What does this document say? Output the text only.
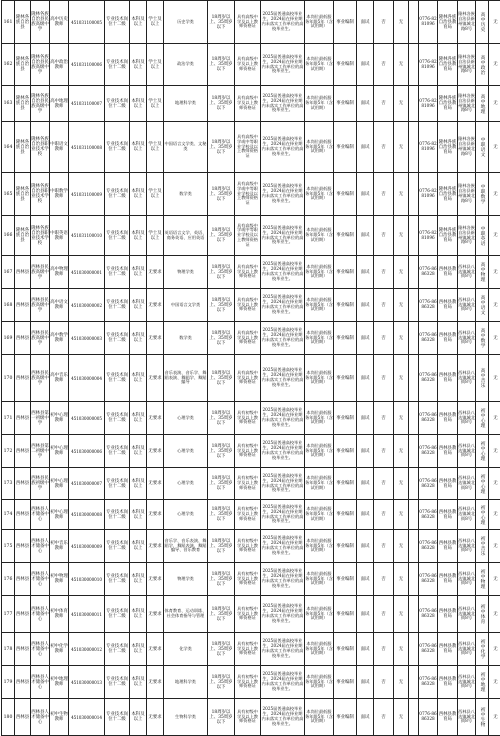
161	隆林各族自治县	隆林各族自治县民族高级中学	高中历史教师	451031100005	专业技术岗位十二级	本科及以上	学士及以上	历史学类	18周岁以上、35周岁以下	具有高级中学及以上教师资格证	2025届普通高校毕业生，2024届在择业期内未落实工作单位的高校毕业生。	本岗位最低服务年限5年（含试用期）	事业编制	面试	否	无		0776-8281096	隆林各族自治县教育局	隆林各族自治县新州镇城北路8号	高中历史	无
162	隆林各族自治县	隆林各族自治县民族高级中学	高中政治教师	451031100006	专业技术岗位十二级	本科及以上	学士及以上	政治学类	18周岁以上、35周岁以下	具有高级中学及以上教师资格证	2025届普通高校毕业生，2024届在择业期内未落实工作单位的高校毕业生。	本岗位最低服务年限5年（含试用期）	事业编制	面试	否	无		0776-8281096	隆林各族自治县教育局	隆林各族自治县新州镇城北路8号	高中政治	无
163	隆林各族自治县	隆林各族自治县民族高级中学	高中地理教师	451031100007	专业技术岗位十二级	本科及以上	学士及以上	地理科学类	18周岁以上、35周岁以下	具有高级中学及以上教师资格证	2025届普通高校毕业生，2024届在择业期内未落实工作单位的高校毕业生。	本岗位最低服务年限5年（含试用期）	事业编制	面试	否	无		0776-8281096	隆林各族自治县教育局	隆林各族自治县新州镇城北路8号	高中地理	无
164	隆林各族自治县	隆林各族自治县职业技术学校	中职语文教师	451031100008	专业技术岗位十二级	本科及以上	学士及以上	中国语言文学类、文秘类	18周岁以上、35周岁以下	具有高级中学或中等职业学校及以上教师资格证	2025届普通高校毕业生，2024届在择业期内未落实工作单位的高校毕业生。	本岗位最低服务年限5年（含试用期）	事业编制	面试	否	无		0776-8281096	隆林各族自治县教育局	隆林各族自治县新州镇城北路8号	中职语文	无
165	隆林各族自治县	隆林各族自治县职业技术学校	中职数学教师	451031100009	专业技术岗位十二级	本科及以上	学士及以上	数学类	18周岁以上、35周岁以下	具有高级中学或中等职业学校及以上教师资格证	2025届普通高校毕业生，2024届在择业期内未落实工作单位的高校毕业生。	本岗位最低服务年限5年（含试用期）	事业编制	面试	否	无		0776-8281096	隆林各族自治县教育局	隆林各族自治县新州镇城北路8号	中职数学	无
166	隆林各族自治县	隆林各族自治县职业技术学校	中职英语教师	451031100010	专业技术岗位十二级	本科及以上	学士及以上	英语语言文学、英语、商务英语、应用英语	18周岁以上、35周岁以下	具有高级中学或中等职业学校及以上教师资格证	2025届普通高校毕业生，2024届在择业期内未落实工作单位的高校毕业生。	本岗位最低服务年限5年（含试用期）	事业编制	面试	否	无		0776-8281096	隆林各族自治县教育局	隆林各族自治县新州镇城北路8号	中职英语	无
167	西林县	西林县民族高级中学	高中物理教师	451030000001	专业技术岗位十二级	本科及以上	无要求	物理学类	18周岁以上、35周岁以下	具有高级中学及以上教师资格证	2025届普通高校毕业生，2024届在择业期内未落实工作单位的高校毕业生。	本岗位最低服务年限5年（含试用期）	事业编制	面试	否	无		0776-8686328	西林县教育局	西林县八达镇城北街8号	高中物理	无
168	西林县	西林县民族高级中学	高中语文教师	451030000002	专业技术岗位十二级	本科及以上	无要求	中国语言文学类	18周岁以上、35周岁以下	具有高级中学及以上教师资格证	2025届普通高校毕业生，2024届在择业期内未落实工作单位的高校毕业生。	本岗位最低服务年限5年（含试用期）	事业编制	面试	否	无		0776-8686328	西林县教育局	西林县八达镇城北街8号	高中语文	无
169	西林县	西林县民族高级中学	高中数学教师	451030000003	专业技术岗位十二级	本科及以上	无要求	数学类	18周岁以上、35周岁以下	具有高级中学及以上教师资格证	2025届普通高校毕业生，2024届在择业期内未落实工作单位的高校毕业生。	本岗位最低服务年限5年（含试用期）	事业编制	面试	否	无		0776-8686328	西林县教育局	西林县八达镇城北街8号	高中数学	无
170	西林县	西林县民族高级中学	高中音乐教师	451030000004	专业技术岗位十二级	本科及以上	无要求	音乐表演、音乐学、舞蹈表演、舞蹈学、舞蹈编导	18周岁以上、35周岁以下	具有高级中学及以上教师资格证	2025届普通高校毕业生，2024届在择业期内未落实工作单位的高校毕业生。	本岗位最低服务年限5年（含试用期）	事业编制	面试	否	无		0776-8686328	西林县教育局	西林县八达镇城北街8号	高中音乐	无
171	西林县	西林县第一初级中学	初中心理教师	451030000005	专业技术岗位十二级	本科及以上	无要求	心理学类	18周岁以上、35周岁以下	具有初级中学及以上教师资格证	2025届普通高校毕业生，2024届在择业期内未落实工作单位的高校毕业生。	本岗位最低服务年限5年（含试用期）	事业编制	面试	否	无		0776-8686328	西林县教育局	西林县八达镇城北街8号	初中心理	无
172	西林县	西林县第二初级中学	初中心理教师	451030000006	专业技术岗位十二级	本科及以上	无要求	心理学类	18周岁以上、35周岁以下	具有初级中学及以上教师资格证	2025届普通高校毕业生，2024届在择业期内未落实工作单位的高校毕业生。	本岗位最低服务年限5年（含试用期）	事业编制	面试	否	无		0776-8686328	西林县教育局	西林县八达镇城北街8号	初中心理	无
173	西林县	西林县民族初级中学	初中心理教师	451030000007	专业技术岗位十二级	本科及以上	无要求	心理学类	18周岁以上、35周岁以下	具有初级中学及以上教师资格证	2025届普通高校毕业生，2024届在择业期内未落实工作单位的高校毕业生。	本岗位最低服务年限5年（含试用期）	事业编制	面试	否	无		0776-8686328	西林县教育局	西林县八达镇城北街8号	初中心理	无
174	西林县	西林县人才储备中心	初中心理教师	451030000008	专业技术岗位十二级	本科及以上	无要求	心理学类	18周岁以上、35周岁以下	具有初级中学及以上教师资格证	2025届普通高校毕业生，2024届在择业期内未落实工作单位的高校毕业生。	本岗位最低服务年限5年（含试用期）	事业编制	面试	否	无		0776-8686328	西林县教育局	西林县八达镇城北街8号	初中心理	无
175	西林县	西林县人才储备中心	初中音乐教师	451030000009	专业技术岗位十二级	本科及以上	无要求	音乐学、音乐表演、舞蹈学、舞蹈表演、舞蹈编导、音乐教育	18周岁以上、35周岁以下	具有初级中学及以上教师资格证	2025届普通高校毕业生，2024届在择业期内未落实工作单位的高校毕业生。	本岗位最低服务年限5年（含试用期）	事业编制	面试	否	无		0776-8686328	西林县教育局	西林县八达镇城北街8号	初中音乐	无
176	西林县	西林县人才储备中心	初中物理教师	451030000010	专业技术岗位十二级	本科及以上	无要求	物理学类	18周岁以上、35周岁以下	具有初级中学及以上教师资格证	2025届普通高校毕业生，2024届在择业期内未落实工作单位的高校毕业生。	本岗位最低服务年限5年（含试用期）	事业编制	面试	否	无		0776-8686328	西林县教育局	西林县八达镇城北街8号	初中物理	无
177	西林县	西林县人才储备中心	初中体育教师	451030000011	专业技术岗位十二级	本科及以上	无要求	体育教育、运动训练、社会体育指导与管理	18周岁以上、35周岁以下	具有初级中学及以上教师资格证	2025届普通高校毕业生，2024届在择业期内未落实工作单位的高校毕业生。	本岗位最低服务年限5年（含试用期）	事业编制	面试	否	无		0776-8686328	西林县教育局	西林县八达镇城北街8号	初中体育	无
178	西林县	西林县人才储备中心	初中化学教师	451030000012	专业技术岗位十二级	本科及以上	无要求	化学类	18周岁以上、35周岁以下	具有初级中学及以上教师资格证	2025届普通高校毕业生，2024届在择业期内未落实工作单位的高校毕业生。	本岗位最低服务年限5年（含试用期）	事业编制	面试	否	无		0776-8686328	西林县教育局	西林县八达镇城北街8号	初中化学	无
179	西林县	西林县人才储备中心	初中地理教师	451030000013	专业技术岗位十二级	本科及以上	无要求	地理科学类	18周岁以上、35周岁以下	具有初级中学及以上教师资格证	2025届普通高校毕业生，2024届在择业期内未落实工作单位的高校毕业生。	本岗位最低服务年限5年（含试用期）	事业编制	面试	否	无		0776-8686328	西林县教育局	西林县八达镇城北街8号	初中地理	无
180	西林县	西林县人才储备中心	初中生物教师	451030000014	专业技术岗位十二级	本科及以上	无要求	生物科学类	18周岁以上、35周岁以下	具有初级中学及以上教师资格证	2025届普通高校毕业生，2024届在择业期内未落实工作单位的高校毕业生。	本岗位最低服务年限5年（含试用期）	事业编制	面试	否	无		0776-8686328	西林县教育局	西林县八达镇城北街8号	初中生物	无
